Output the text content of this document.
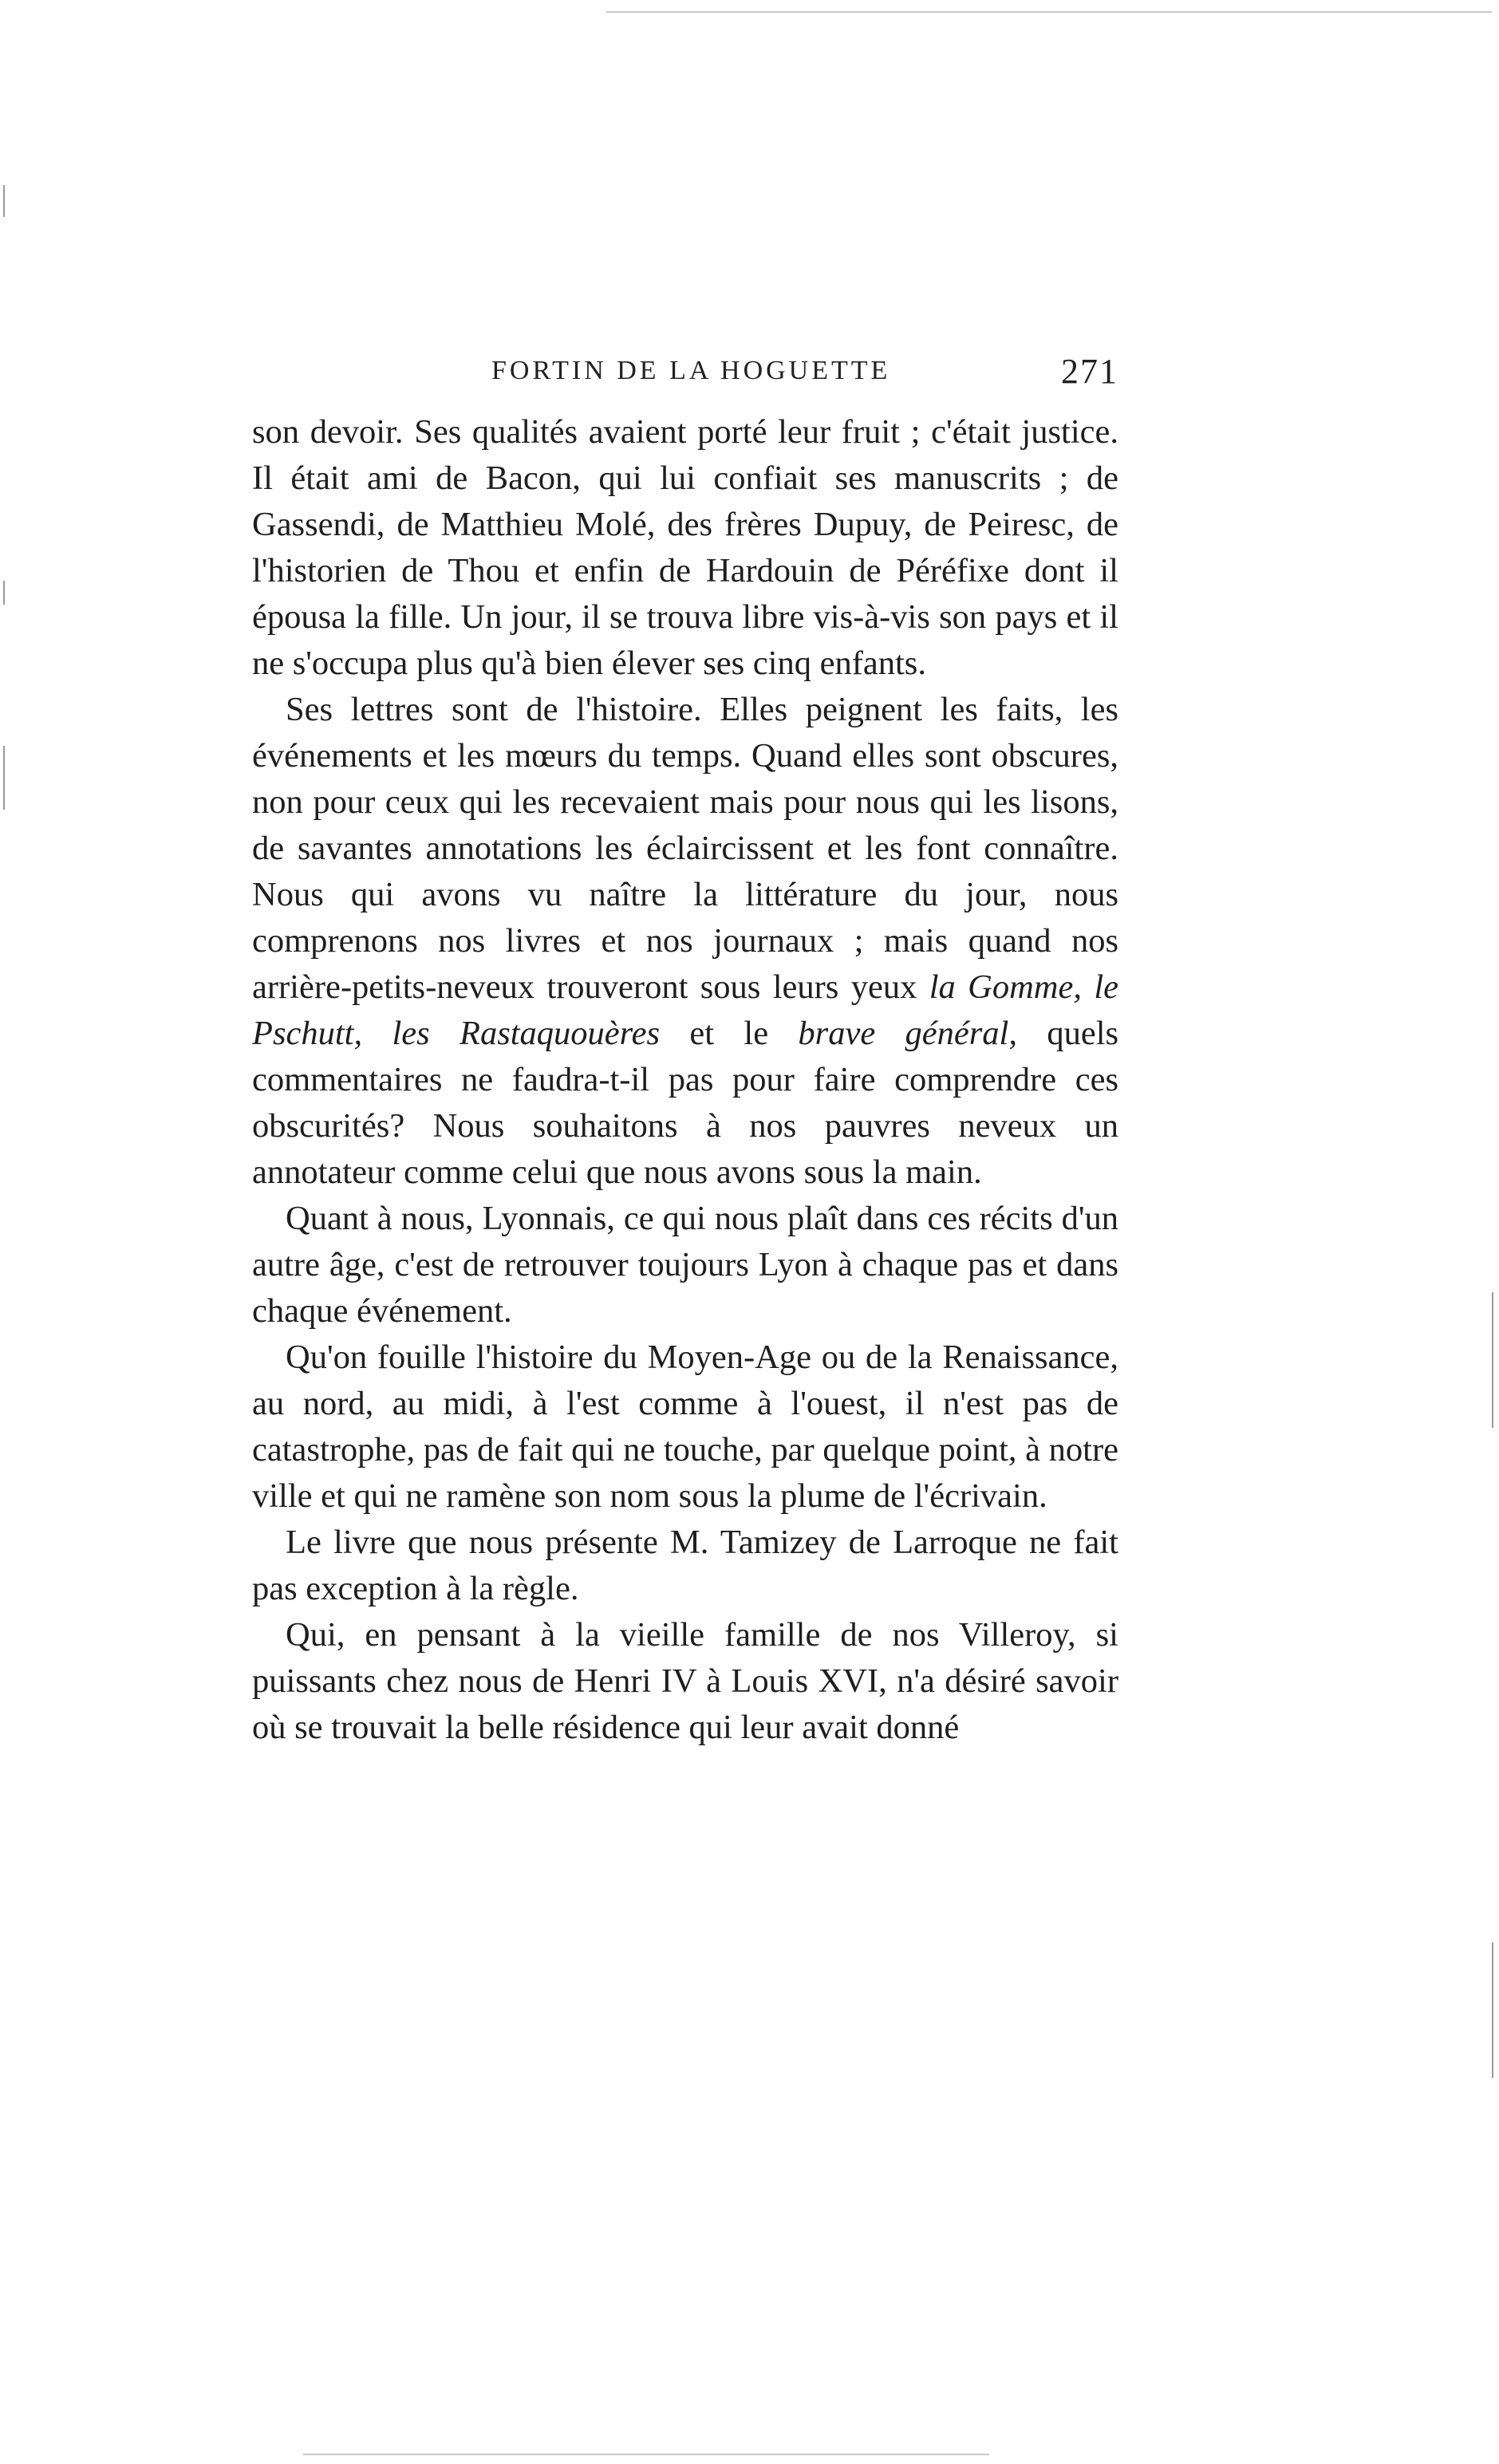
FORTIN DE LA HOGUETTE	271

son devoir. Ses qualités avaient porté leur fruit ; c'était justice. Il était ami de Bacon, qui lui confiait ses manuscrits ; de Gassendi, de Matthieu Molé, des frères Dupuy, de Peiresc, de l'historien de Thou et enfin de Hardouin de Péréfixe dont il épousa la fille. Un jour, il se trouva libre vis-à-vis son pays et il ne s'occupa plus qu'à bien élever ses cinq enfants.

Ses lettres sont de l'histoire. Elles peignent les faits, les événements et les mœurs du temps. Quand elles sont obscures, non pour ceux qui les recevaient mais pour nous qui les lisons, de savantes annotations les éclaircissent et les font connaître. Nous qui avons vu naître la littérature du jour, nous comprenons nos livres et nos journaux ; mais quand nos arrière-petits-neveux trouveront sous leurs yeux la Gomme, le Pschutt, les Rastaquouères et le brave général, quels commentaires ne faudra-t-il pas pour faire comprendre ces obscurités? Nous souhaitons à nos pauvres neveux un annotateur comme celui que nous avons sous la main.

Quant à nous, Lyonnais, ce qui nous plaît dans ces récits d'un autre âge, c'est de retrouver toujours Lyon à chaque pas et dans chaque événement.

Qu'on fouille l'histoire du Moyen-Age ou de la Renaissance, au nord, au midi, à l'est comme à l'ouest, il n'est pas de catastrophe, pas de fait qui ne touche, par quelque point, à notre ville et qui ne ramène son nom sous la plume de l'écrivain.

Le livre que nous présente M. Tamizey de Larroque ne fait pas exception à la règle.

Qui, en pensant à la vieille famille de nos Villeroy, si puissants chez nous de Henri IV à Louis XVI, n'a désiré savoir où se trouvait la belle résidence qui leur avait donné
